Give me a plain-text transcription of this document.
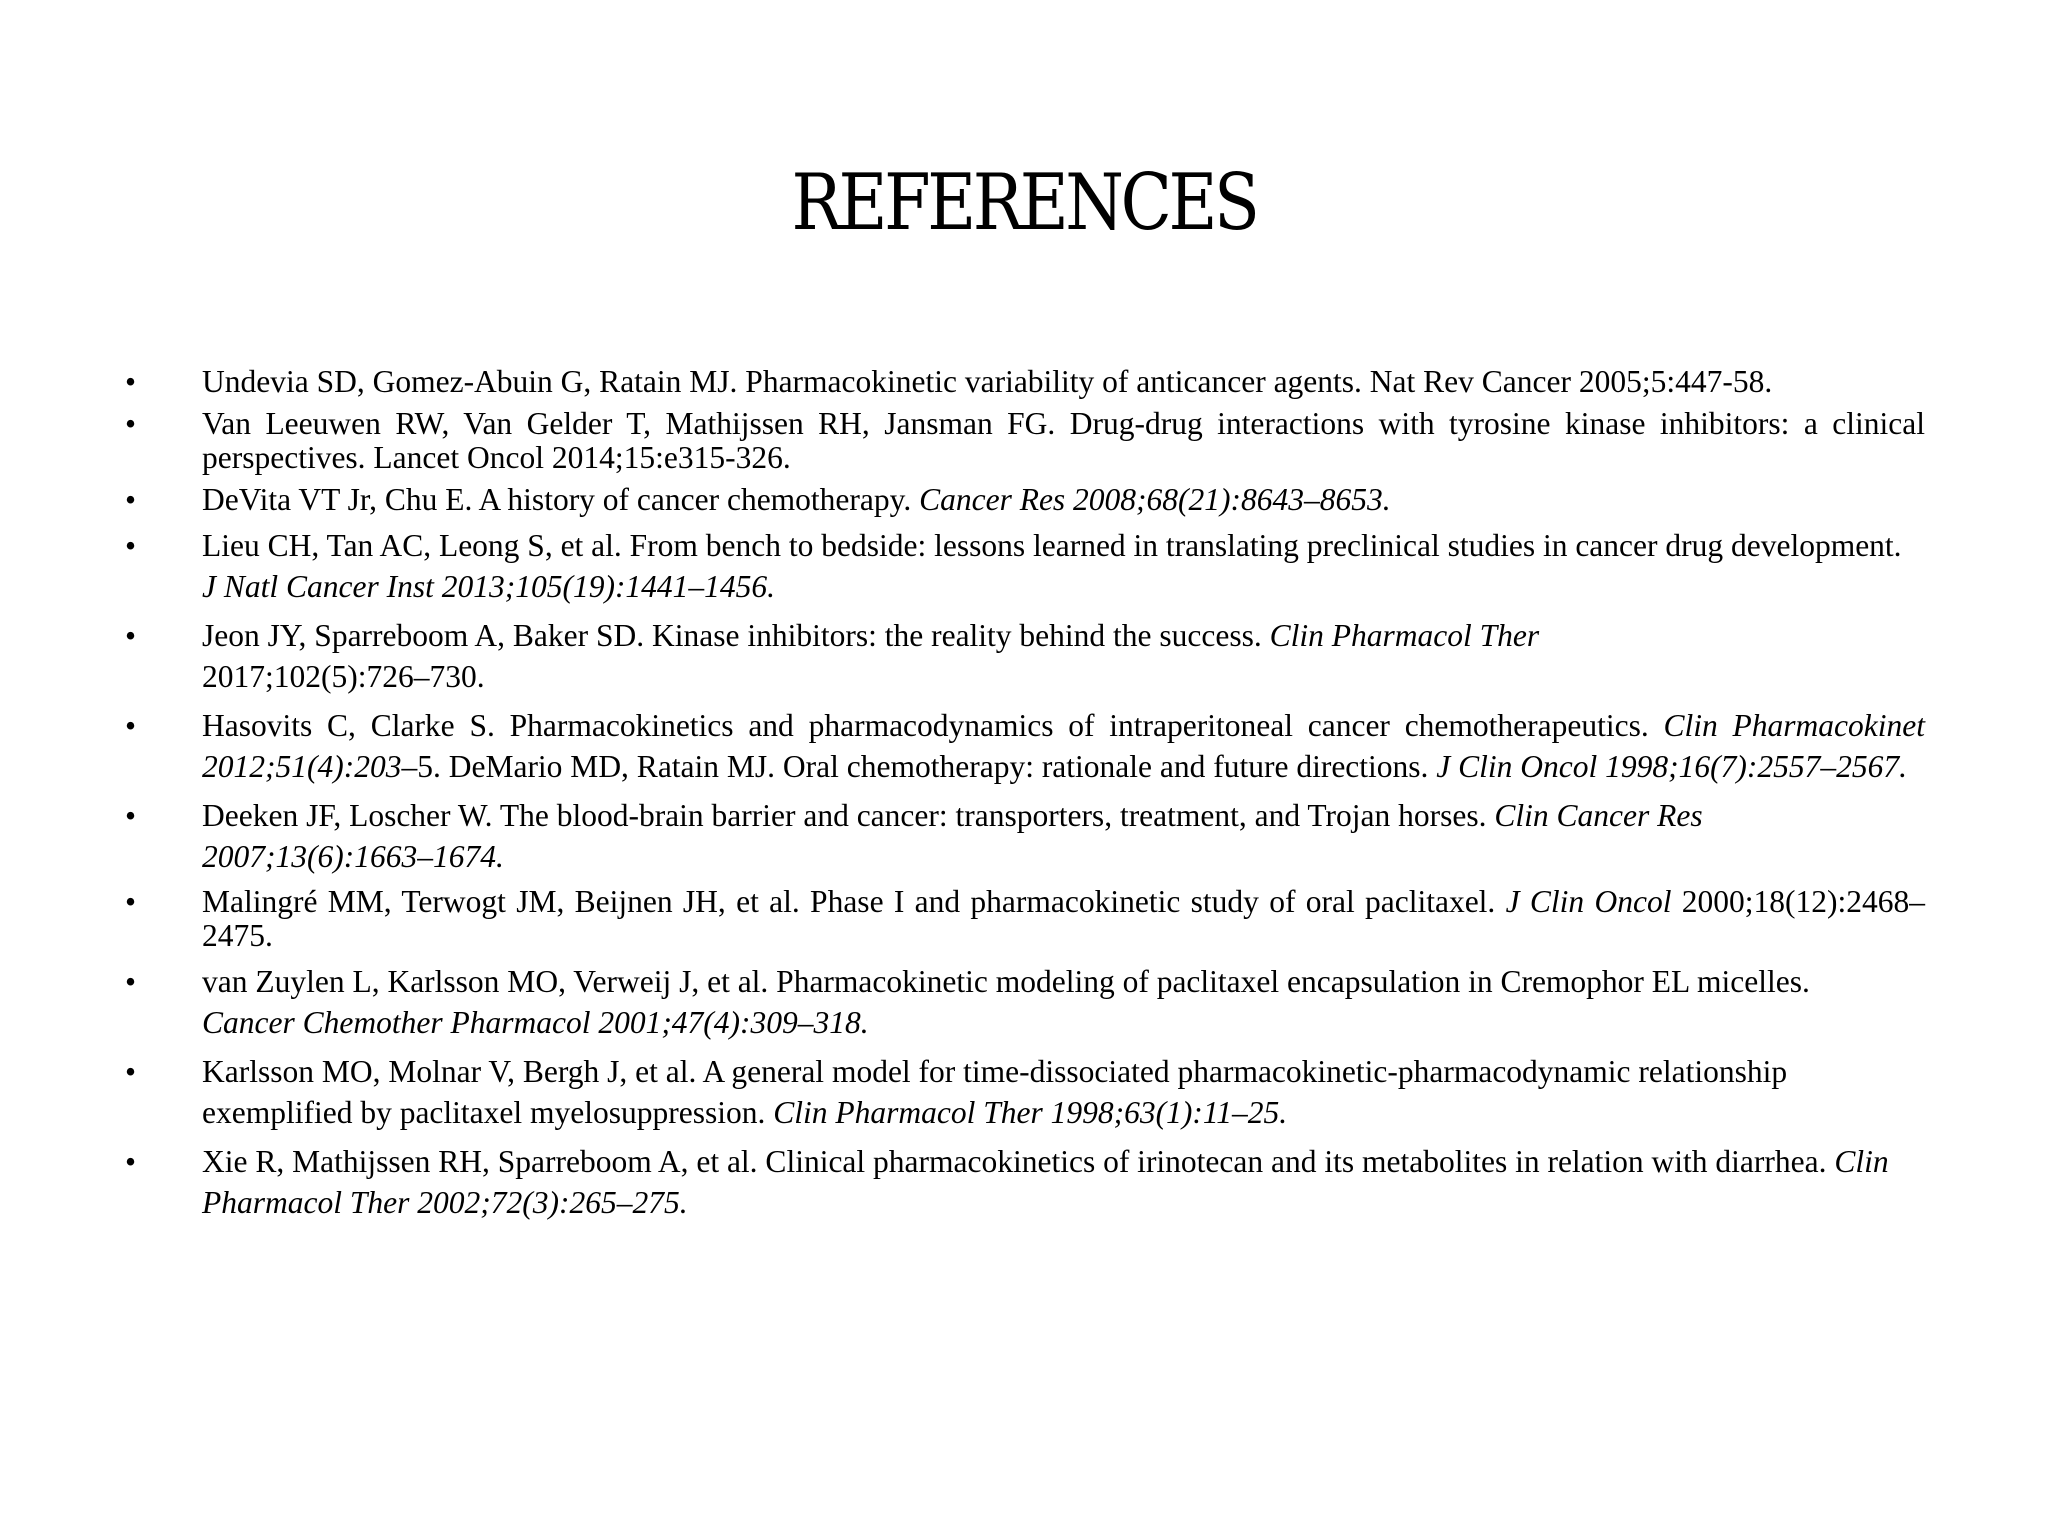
REFERENCES
•	Undevia SD, Gomez-Abuin G, Ratain MJ. Pharmacokinetic variability of anticancer agents. Nat Rev Cancer 2005;5:447-58.
•	Van Leeuwen RW, Van Gelder T, Mathijssen RH, Jansman FG. Drug-drug interactions with tyrosine kinase inhibitors: a clinical perspectives. Lancet Oncol 2014;15:e315-326.
•	DeVita VT Jr, Chu E. A history of cancer chemotherapy. Cancer Res 2008;68(21):8643–8653.
•	Lieu CH, Tan AC, Leong S, et al. From bench to bedside: lessons learned in translating preclinical studies in cancer drug development. J Natl Cancer Inst 2013;105(19):1441–1456.
•	Jeon JY, Sparreboom A, Baker SD. Kinase inhibitors: the reality behind the success. Clin Pharmacol Ther
2017;102(5):726–730.
•	Hasovits C, Clarke S. Pharmacokinetics and pharmacodynamics of intraperitoneal cancer chemotherapeutics. Clin Pharmacokinet 2012;51(4):203–5. DeMario MD, Ratain MJ. Oral chemotherapy: rationale and future directions. J Clin Oncol 1998;16(7):2557–2567.
•	Deeken JF, Loscher W. The blood-brain barrier and cancer: transporters, treatment, and Trojan horses. Clin Cancer Res 2007;13(6):1663–1674.
•	Malingré MM, Terwogt JM, Beijnen JH, et al. Phase I and pharmacokinetic study of oral paclitaxel. J Clin Oncol 2000;18(12):2468–2475.
•	van Zuylen L, Karlsson MO, Verweij J, et al. Pharmacokinetic modeling of paclitaxel encapsulation in Cremophor EL micelles. Cancer Chemother Pharmacol 2001;47(4):309–318.
•	Karlsson MO, Molnar V, Bergh J, et al. A general model for time-dissociated pharmacokinetic-pharmacodynamic relationship exemplified by paclitaxel myelosuppression. Clin Pharmacol Ther 1998;63(1):11–25.
•	Xie R, Mathijssen RH, Sparreboom A, et al. Clinical pharmacokinetics of irinotecan and its metabolites in relation with diarrhea. Clin Pharmacol Ther 2002;72(3):265–275.
